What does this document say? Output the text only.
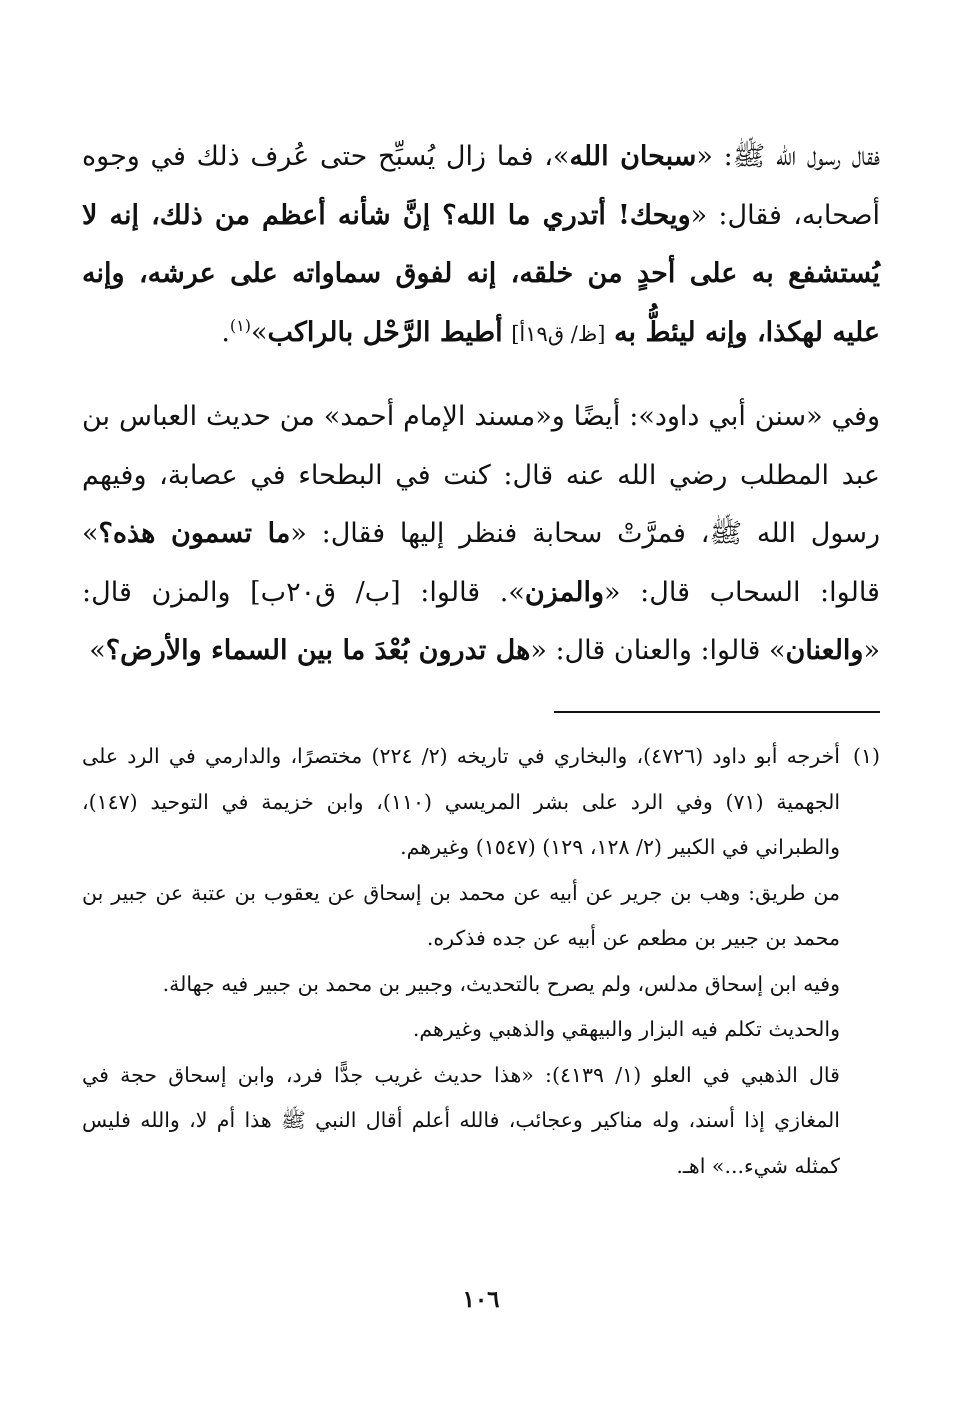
فقال رسول الله ﷺ: «سبحان الله»، فما زال يُسبِّح حتى عُرف ذلك في وجوه أصحابه، فقال: «ويحك! أتدري ما الله؟ إنَّ شأنه أعظم من ذلك، إنه لا يُستشفع به على أحدٍ من خلقه، إنه لفوق سماواته على عرشه، وإنه عليه لهكذا، وإنه ليئطُّ به [ظ/ ق١٩أ] أطيط الرَّحْل بالراكب»$^{(١)}$.

وفي «سنن أبي داود»: أيضًا و«مسند الإمام أحمد» من حديث العباس بن عبد المطلب رضي الله عنه قال: كنت في البطحاء في عصابة، وفيهم رسول الله ﷺ، فمرَّتْ سحابة فنظر إليها فقال: «ما تسمون هذه؟» قالوا: السحاب قال: «والمزن». قالوا: [ب/ ق٢٠ب] والمزن قال: «والعنان» قالوا: والعنان قال: «هل تدرون بُعْدَ ما بين السماء والأرض؟»

(١)
أخرجه أبو داود (٤٧٢٦)، والبخاري في تاريخه (٢/ ٢٢٤) مختصرًا، والدارمي في الرد على الجهمية (٧١) وفي الرد على بشر المريسي (١١٠)، وابن خزيمة في التوحيد (١٤٧)، والطبراني في الكبير (٢/ ١٢٨، ١٢٩) (١٥٤٧) وغيرهم.

من طريق: وهب بن جرير عن أبيه عن محمد بن إسحاق عن يعقوب بن عتبة عن جبير بن محمد بن جبير بن مطعم عن أبيه عن جده فذكره.

وفيه ابن إسحاق مدلس، ولم يصرح بالتحديث، وجبير بن محمد بن جبير فيه جهالة.

والحديث تكلم فيه البزار والبيهقي والذهبي وغيرهم.

قال الذهبي في العلو (١/ ٤١٣٩): «هذا حديث غريب جدًّا فرد، وابن إسحاق حجة في المغازي إذا أسند، وله مناكير وعجائب، فالله أعلم أقال النبي ﷺ هذا أم لا، والله فليس كمثله شيء...» اهـ.

١٠٦
